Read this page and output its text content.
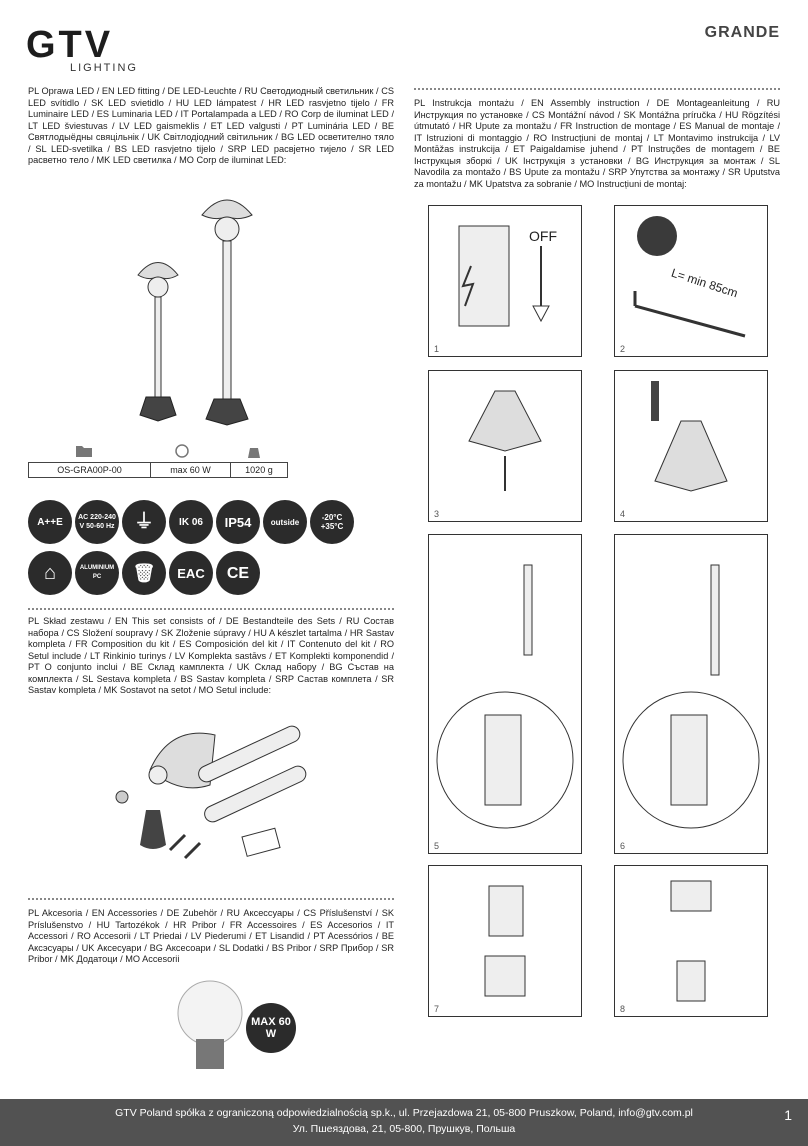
GTV
LIGHTING
GRANDE
PL Oprawa LED / EN LED fitting / DE LED-Leuchte / RU Светодиодный светильник / CS LED svítidlo / SK LED svietidlo / HU LED lámpatest / HR LED rasvjetno tijelo / FR Luminaire LED / ES Luminaria LED / IT Portalampada a LED / RO Corp de iluminat LED / LT LED šviestuvas / LV LED gaismeklis / ET LED valgusti / PT Luminária LED / BE Святлодыёдны свяцільнік / UK Світлодіодний світильник / BG LED осветително тяло / SL LED-svetilka / BS LED rasvjetno tijelo / SRP LED расвјетно тијело / SR LED расветно тело / MK LED светилка / MO Corp de iluminat LED:
OS-GRA00P-00	max 60 W	1020 g
A++E	AC 220-240 V 50-60 Hz ⏚	IK 06	IP54	outside	-20°C +35°C
⌂	ALUMINIUM PC	🗑	EAC	CE
PL Skład zestawu / EN This set consists of / DE Bestandteile des Sets / RU Состав набора / CS Složení soupravy / SK Zloženie súpravy / HU A készlet tartalma / HR Sastav kompleta / FR Composition du kit / ES Composición del kit / IT Contenuto del kit / RO Setul include / LT Rinkinio turinys / LV Komplekta sastāvs / ET Komplekti komponendid / PT O conjunto inclui / BE Склад камплекта / UK Склад набору / BG Състав на комплекта / SL Sestava kompleta / BS Sastav kompleta / SRP Састав комплета / SR Sastav kompleta / MK Sostavot na setot / MO Setul include:
PL Akcesoria / EN Accessories / DE Zubehör / RU Аксессуары / CS Příslušenství / SK Príslušenstvo / HU Tartozékok / HR Pribor / FR Accessoires / ES Accesorios / IT Accessori / RO Accesorii / LT Priedai / LV Piederumi / ET Lisandid / PT Acessórios / BE Аксэсуары / UK Аксесуари / BG Аксесоари / SL Dodatki / BS Pribor / SRP Прибор / SR Pribor / MK Додатоци / MO Accesorii
MAX 60 W
PL Instrukcja montażu / EN Assembly instruction / DE Montageanleitung / RU Инструкция по установке / CS Montážní návod / SK Montážna príručka / HU Rögzítési útmutató / HR Upute za montažu / FR Instruction de montage / ES Manual de montaje / IT Istruzioni di montaggio / RO Instrucțiuni de montaj / LT Montavimo instrukcija / LV Montāžas instrukcija / ET Paigaldamise juhend / PT Instruções de montagem / BE Інструкцыя зборкі / UK Інструкція з установки / BG Инструкция за монтаж / SL Navodila za montažo / BS Upute za montažu / SRP Упутства за монтажу / SR Uputstva za montažu / MK Upatstva za sobranie / MO Instrucțiuni de montaj:
OFF
1
L= min 85cm
2
3	4
5	6
7	8
GTV Poland spółka z ograniczoną odpowiedzialnością sp.k., ul. Przejazdowa 21, 05-800 Pruszkow, Poland, info@gtv.com.pl
Ул. Пшеяздова, 21, 05-800, Прушкув, Польша
1
